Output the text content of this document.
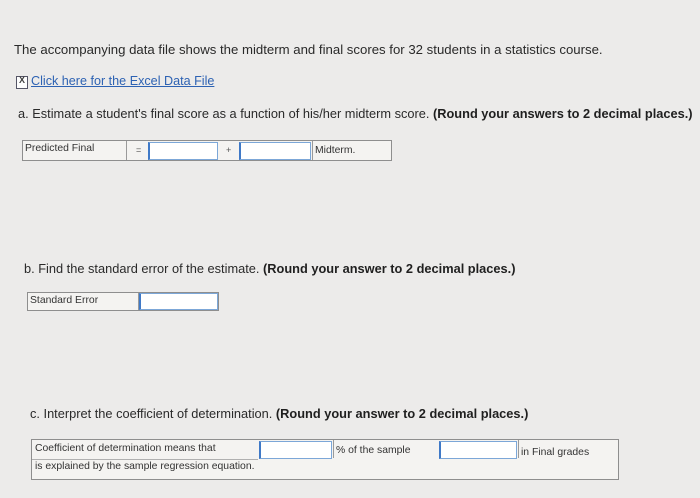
The accompanying data file shows the midterm and final scores for 32 students in a statistics course.
X Click here for the Excel Data File
a. Estimate a student's final score as a function of his/her midterm score. (Round your answers to 2 decimal places.)
Predicted Final	=	+	Midterm.
b. Find the standard error of the estimate. (Round your answer to 2 decimal places.)
Standard Error
c. Interpret the coefficient of determination. (Round your answer to 2 decimal places.)
Coefficient of determination means that
is explained by the sample regression equation.
% of the sample	in Final grades
